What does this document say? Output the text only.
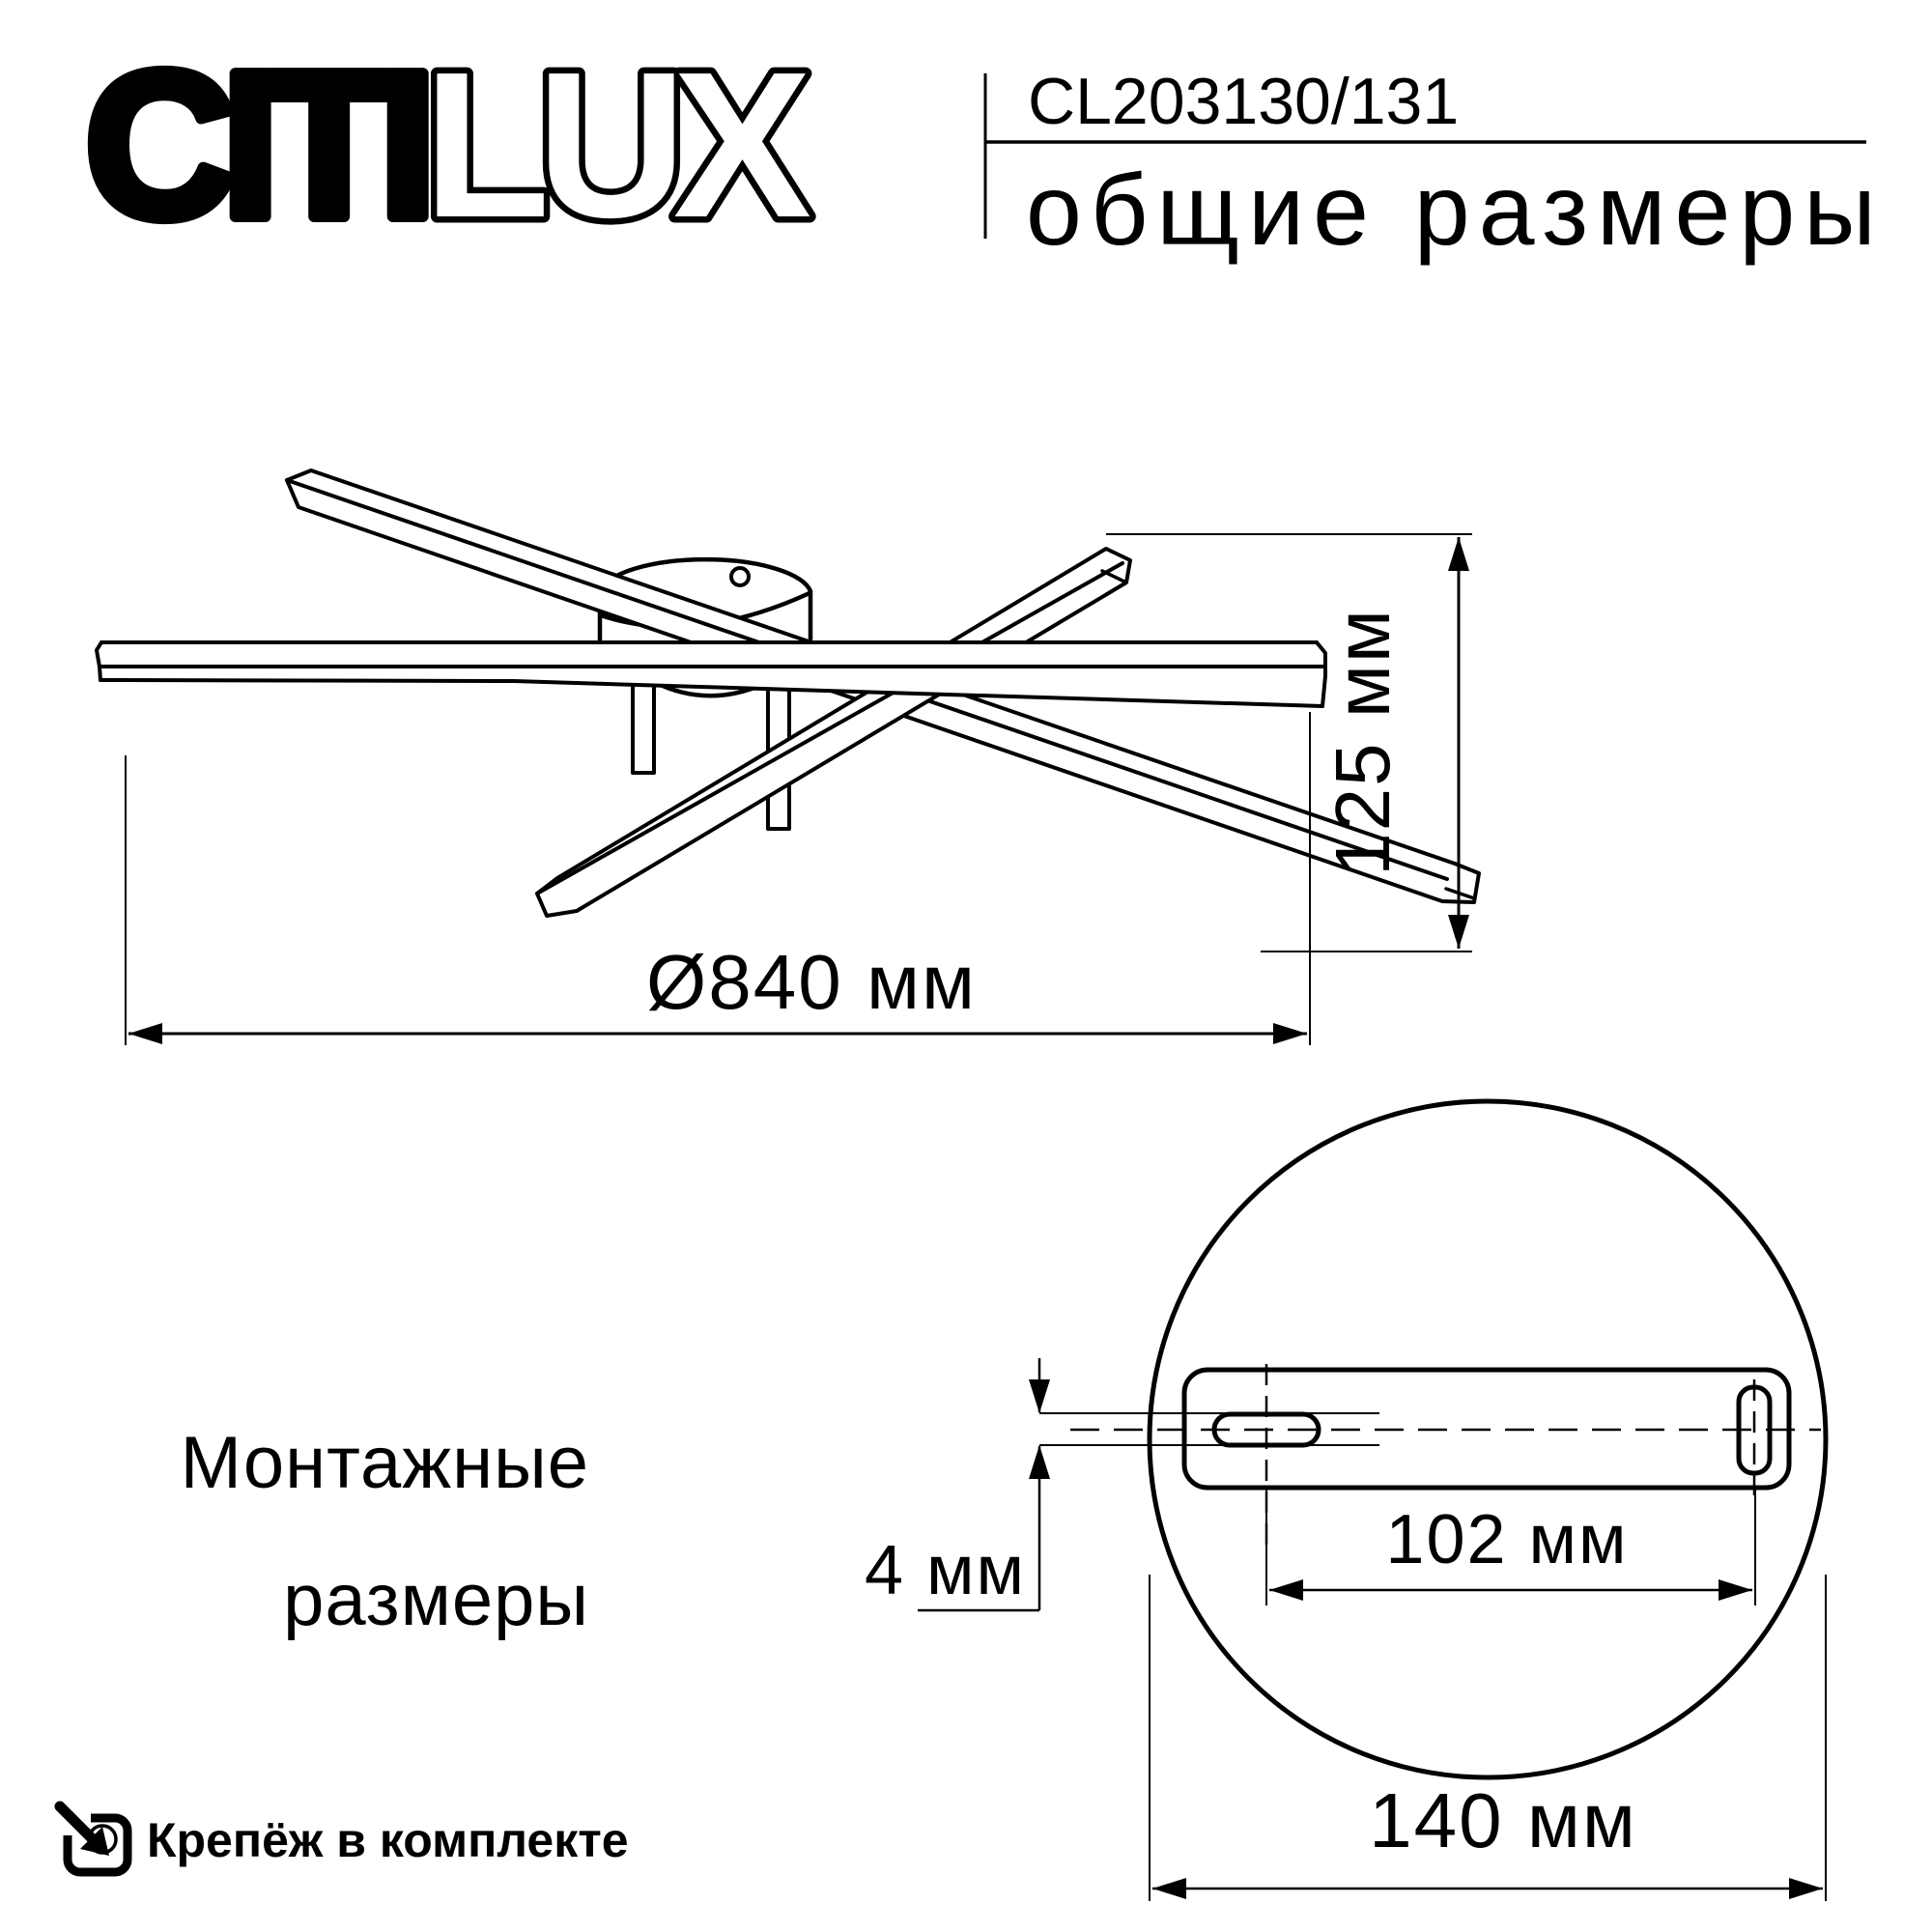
CITILUX	CL203130/131
общие размеры
Ø840 мм
125 мм
4 мм	102 мм
140 мм
Монтажные
размеры
Крепёж в комплекте
